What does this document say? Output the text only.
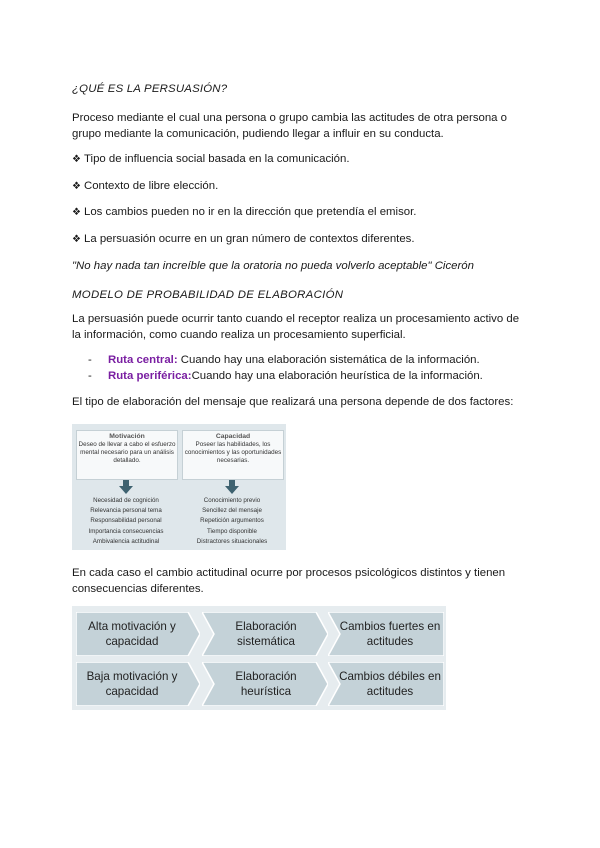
¿QUÉ ES LA PERSUASIÓN?
Proceso mediante el cual una persona o grupo cambia las actitudes de otra persona o grupo mediante la comunicación, pudiendo llegar a influir en su conducta.
❖ Tipo de influencia social basada en la comunicación.
❖ Contexto de libre elección.
❖ Los cambios pueden no ir en la dirección que pretendía el emisor.
❖ La persuasión ocurre en un gran número de contextos diferentes.
"No hay nada tan increíble que la oratoria no pueda volverlo aceptable" Cicerón
MODELO DE PROBABILIDAD DE ELABORACIÓN
La persuasión puede ocurrir tanto cuando el receptor realiza un procesamiento activo de la información, como cuando realiza un procesamiento superficial.
- Ruta central: Cuando hay una elaboración sistemática de la información.
- Ruta periférica:Cuando hay una elaboración heurística de la información.
El tipo de elaboración del mensaje que realizará una persona depende de dos factores:
Motivación
Deseo de llevar a cabo el esfuerzo mental necesario para un análisis detallado.
Capacidad
Poseer las habilidades, los conocimientos y las oportunidades necesarias.
Necesidad de cognición
Relevancia personal tema
Responsabilidad personal
Importancia consecuencias
Ambivalencia actitudinal
Conocimiento previo
Sencillez del mensaje
Repetición argumentos
Tiempo disponible
Distractores situacionales
En cada caso el cambio actitudinal ocurre por procesos psicológicos distintos y tienen consecuencias diferentes.
Alta motivación y capacidad
Elaboración sistemática
Cambios fuertes en actitudes
Baja motivación y capacidad
Elaboración heurística
Cambios débiles en actitudes
